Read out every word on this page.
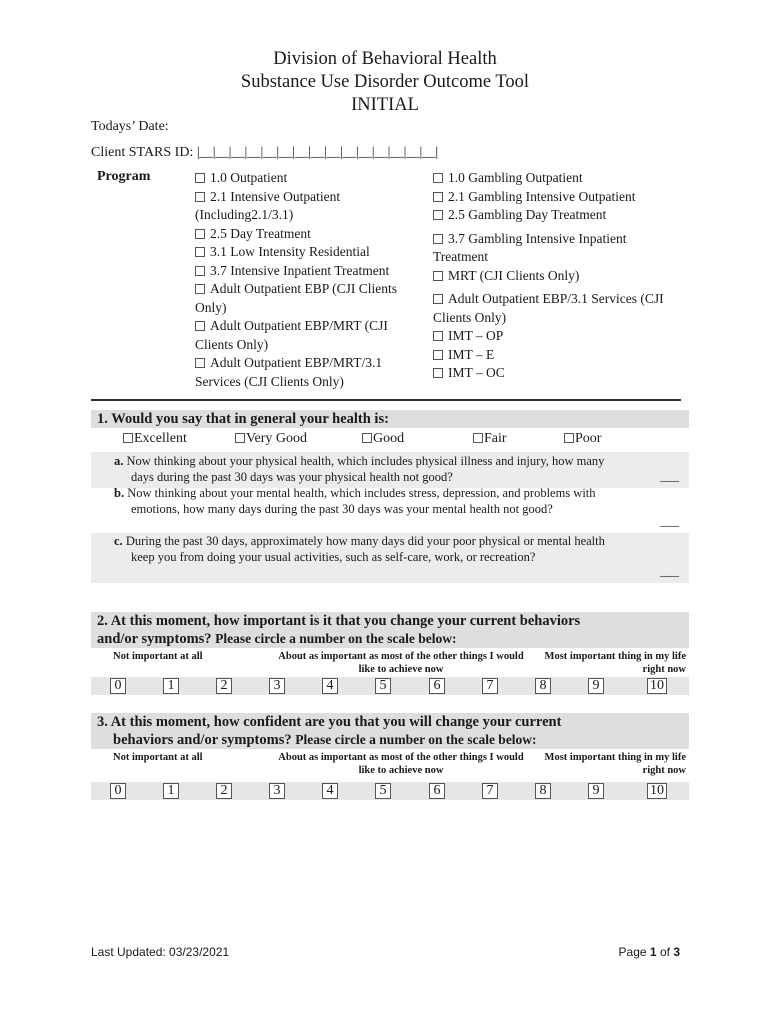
Division of Behavioral Health
Substance Use Disorder Outcome Tool
INITIAL
Todays’ Date:
Client STARS ID: |__|__|__|__|__|__|__|__|__|__|__|__|__|__|__|
Program	1.0 Outpatient
2.1 Intensive Outpatient (Including2.1/3.1)
2.5 Day Treatment
3.1 Low Intensity Residential
3.7 Intensive Inpatient Treatment
Adult Outpatient EBP (CJI Clients Only)
Adult Outpatient EBP/MRT (CJI Clients Only)
Adult Outpatient EBP/MRT/3.1 Services (CJI Clients Only)
1.0 Gambling Outpatient
2.1 Gambling Intensive Outpatient
2.5 Gambling Day Treatment
3.7 Gambling Intensive Inpatient Treatment
MRT (CJI Clients Only)
Adult Outpatient EBP/3.1 Services (CJI Clients Only)
IMT – OP
IMT – E
IMT – OC
1. Would you say that in general your health is:
Excellent	Very Good	Good	Fair	Poor
a. Now thinking about your physical health, which includes physical illness and injury, how many days during the past 30 days was your physical health not good?	___
b. Now thinking about your mental health, which includes stress, depression, and problems with emotions, how many days during the past 30 days was your mental health not good?
___
c. During the past 30 days, approximately how many days did your poor physical or mental health keep you from doing your usual activities, such as self-care, work, or recreation?
___
2. At this moment, how important is it that you change your current behaviors
and/or symptoms? Please circle a number on the scale below:
Not important at all	About as important as most of the other things I would like to achieve now
Most important thing in my life right now
0	1	2	3	4	5	6	7	8	9	10
3. At this moment, how confident are you that you will change your current
behaviors and/or symptoms? Please circle a number on the scale below:
Not important at all	About as important as most of the other things I would like to achieve now
Most important thing in my life right now
0	1	2	3	4	5	6	7	8	9	10
Last Updated: 03/23/2021	Page 1 of 3
